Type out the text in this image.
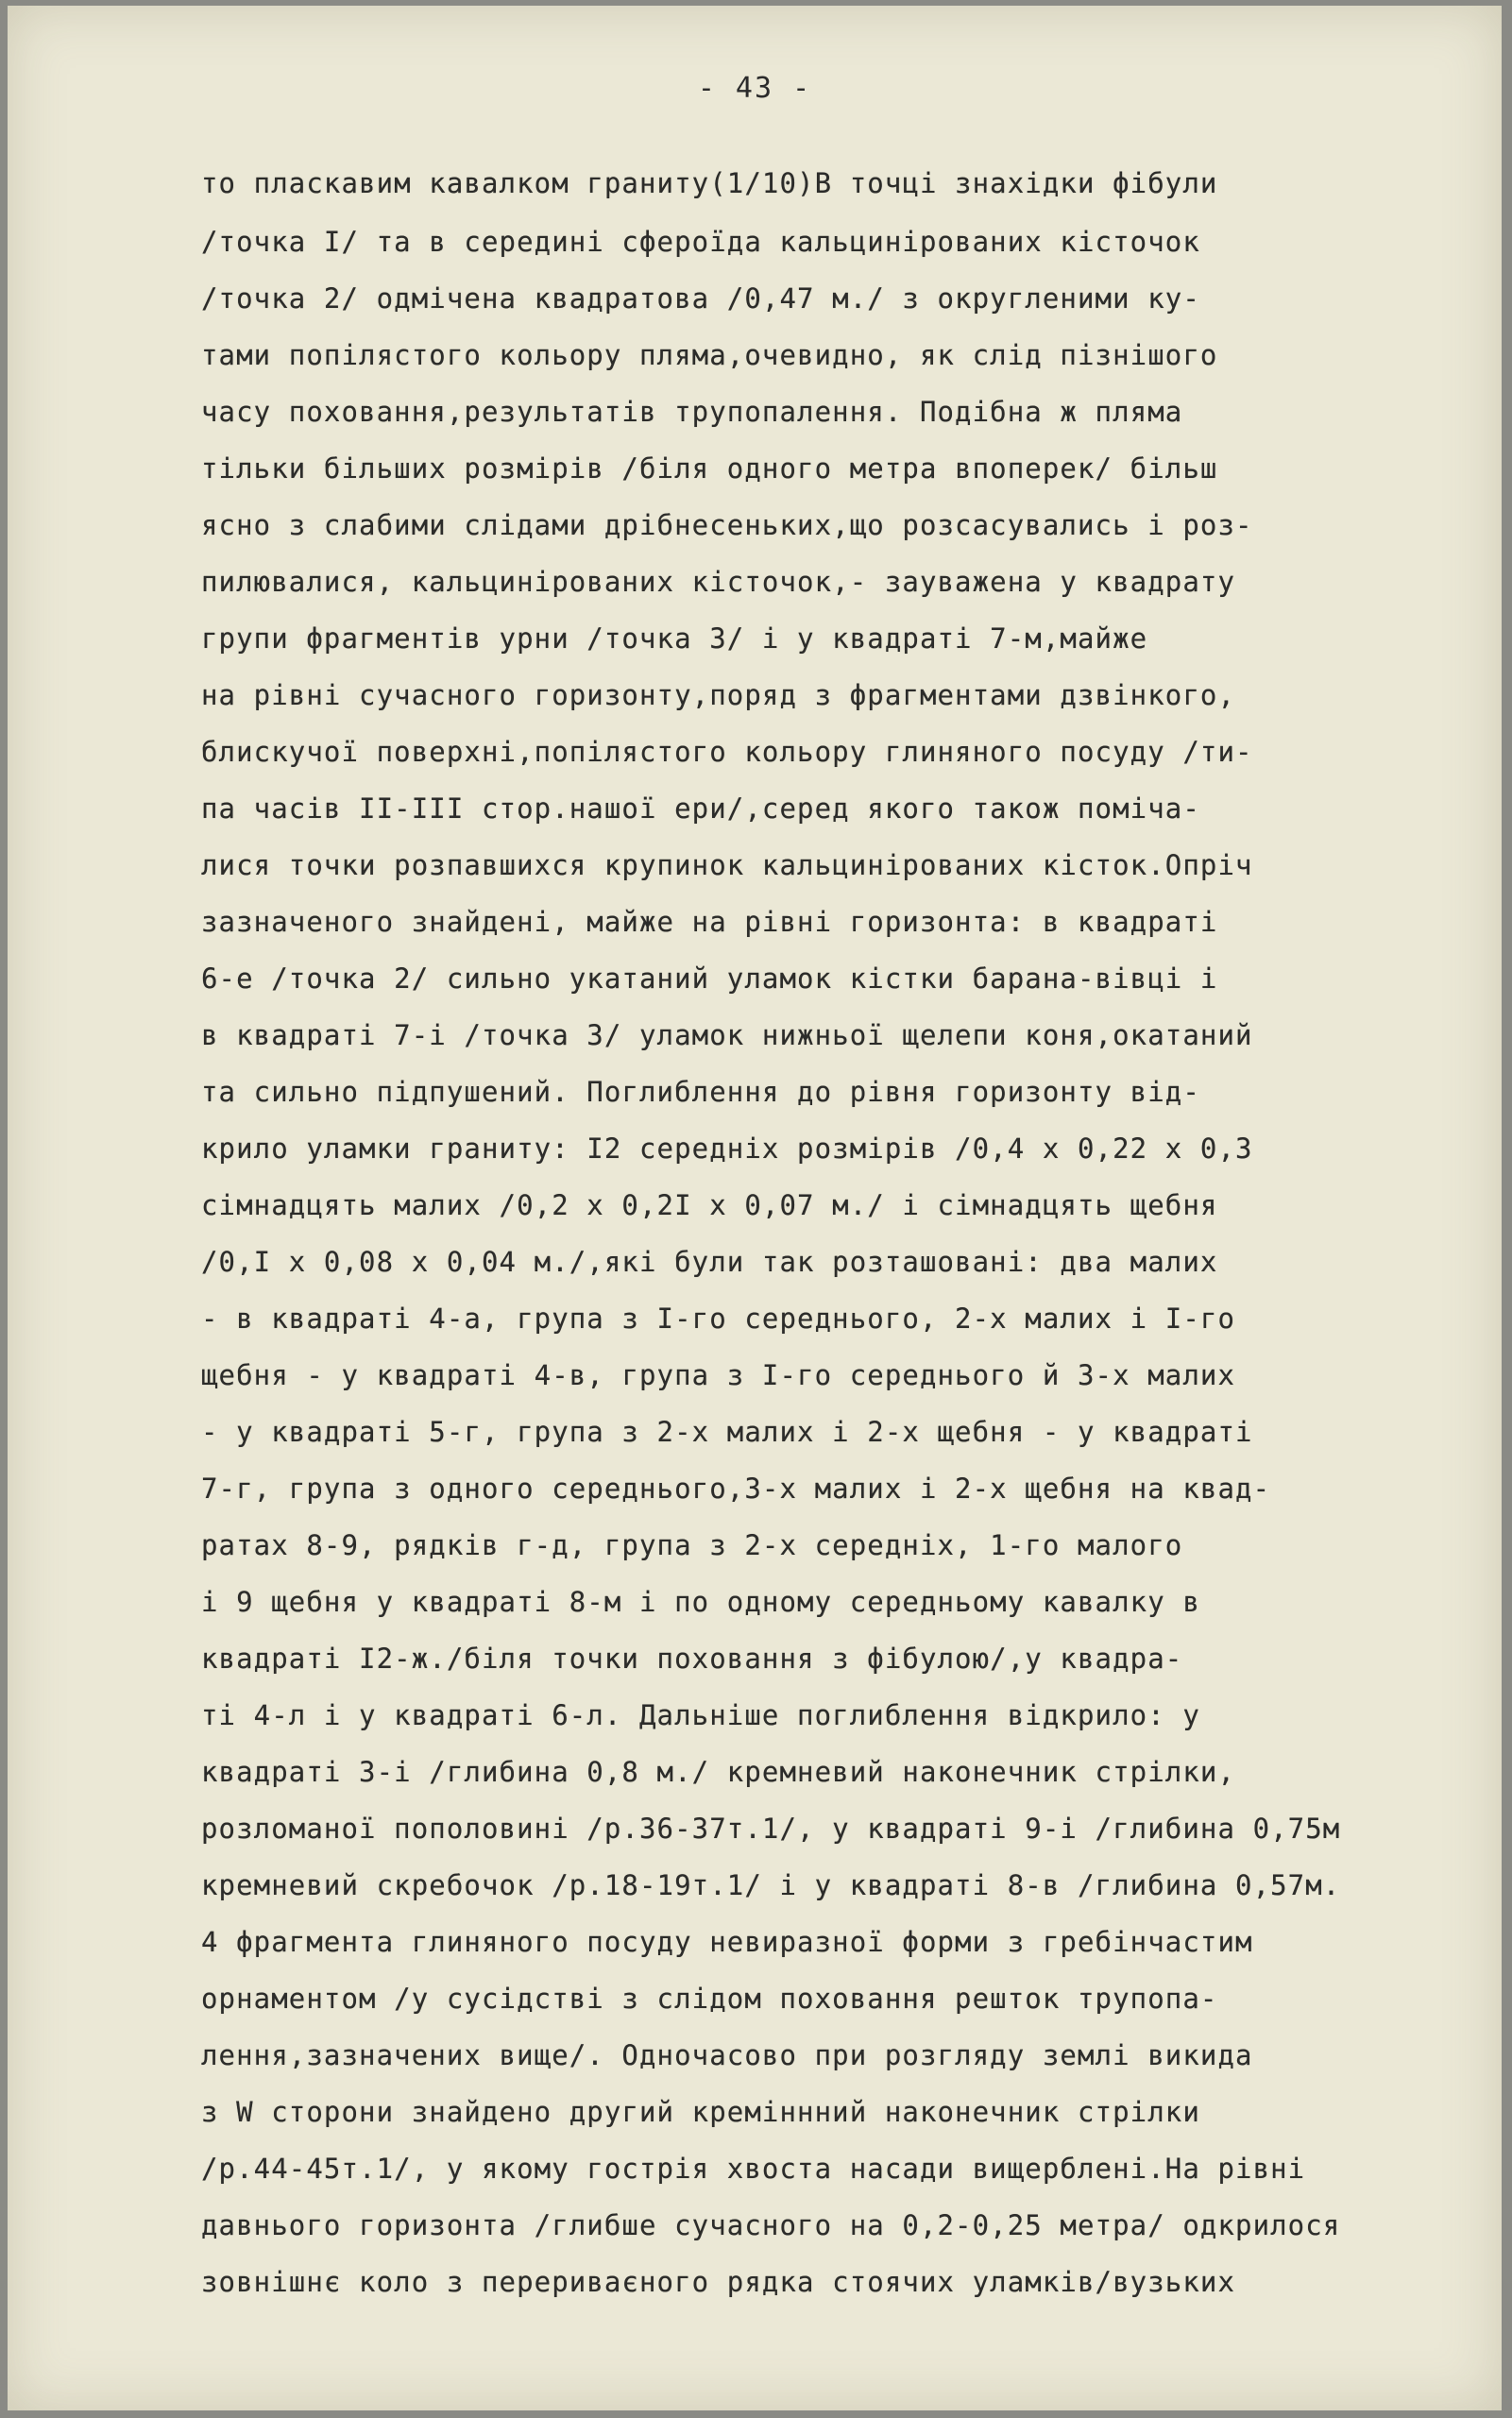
- 43 -
то пласкавим кавалком граниту(1/10)В точці знахідки фібули
/точка I/ та в середині сфероїда кальцинірованих кісточок
/точка 2/ одмічена квадратова /0,47 м./ з округленими ку-
тами попілястого кольору пляма,очевидно, як слід пізнішого
часу поховання,результатів трупопалення. Подібна ж пляма
тільки більших розмірів /біля одного метра впоперек/ більш
ясно з слабими слідами дрібнесеньких,що розсасувались і роз-
пилювалися, кальцинірованих кісточок,- зауважена у квадрату
групи фрагментів урни /точка 3/ і у квадраті 7-м,майже
на рівні сучасного горизонту,поряд з фрагментами дзвінкого,
блискучої поверхні,попілястого кольору глиняного посуду /ти-
па часів II-III стор.нашої ери/,серед якого також помічa-
лися точки розпавшихся крупинок кальцинірованих кісток.Опріч
зазначеного знайдені, майже на рівні горизонта: в квадраті
6-е /точка 2/ сильно укатаний уламок кістки барана-вівці і
в квадраті 7-і /точка 3/ уламок нижньої щелепи коня,окатаний
та сильно підпушений. Поглиблення до рівня горизонту від-
крило уламки граниту: I2 середніх розмірів /0,4 x 0,22 x 0,3
сімнадцять малих /0,2 x 0,2I x 0,07 м./ і сімнадцять щебня
/0,I x 0,08 x 0,04 м./,які були так розташовані: два малих
- в квадраті 4-а, група з I-го середнього, 2-х малих і I-го
щебня - у квадраті 4-в, група з I-го середнього й 3-х малих
- у квадраті 5-г, група з 2-х малих і 2-х щебня - у квадраті
7-г, група з одного середнього,3-х малих і 2-х щебня на квад-
ратах 8-9, рядків г-д, група з 2-х середніх, 1-го малого
і 9 щебня у квадраті 8-м і по одному середньому кавалку в
квадраті I2-ж./біля точки поховання з фібулою/,у квадра-
ті 4-л і у квадраті 6-л. Дальніше поглиблення відкрило: у
квадраті 3-і /глибина 0,8 м./ кремневий наконечник стрілки,
розломаної пополовині /р.36-37т.1/, у квадраті 9-і /глибина 0,75м
кремневий скребочок /р.18-19т.1/ і у квадраті 8-в /глибина 0,57м.
4 фрагмента глиняного посуду невиразної форми з гребінчастим
орнаментом /у сусідстві з слідом поховання решток трупопа-
лення,зазначених вище/. Одночасово при розгляду землі викида
з W сторони знайдено другий креміннний наконечник стрілки
/р.44-45т.1/, у якому гострія хвоста насади вищерблені.На рівні
давнього горизонта /глибше сучасного на 0,2-0,25 метра/ одкрилося
зовнішнє коло з перериваєного рядка стоячих уламків/вузьких
